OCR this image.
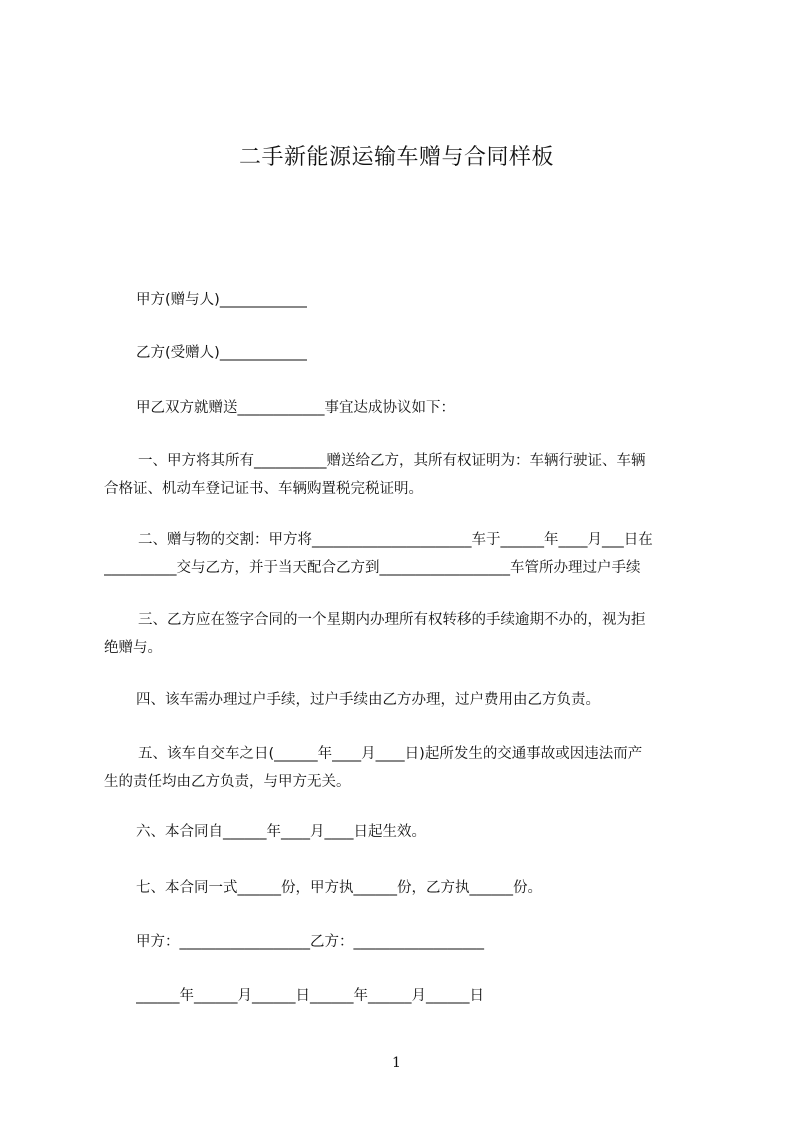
二手新能源运输车赠与合同样板
甲方(赠与人)____________
乙方(受赠人)____________
甲乙双方就赠送____________事宜达成协议如下：
一、甲方将其所有__________赠送给乙方，其所有权证明为：车辆行驶证、车辆
合格证、机动车登记证书、车辆购置税完税证明。
二、赠与物的交割：甲方将______________________车于______年____月___日在
__________交与乙方，并于当天配合乙方到__________________车管所办理过户手续
三、乙方应在签字合同的一个星期内办理所有权转移的手续逾期不办的，视为拒
绝赠与。
四、该车需办理过户手续，过户手续由乙方办理，过户费用由乙方负责。
五、该车自交车之日(______年____月____日)起所发生的交通事故或因违法而产
生的责任均由乙方负责，与甲方无关。
六、本合同自______年____月____日起生效。
七、本合同一式______份，甲方执______份，乙方执______份。
甲方：__________________乙方：__________________
______年______月______日______年______月______日
1
